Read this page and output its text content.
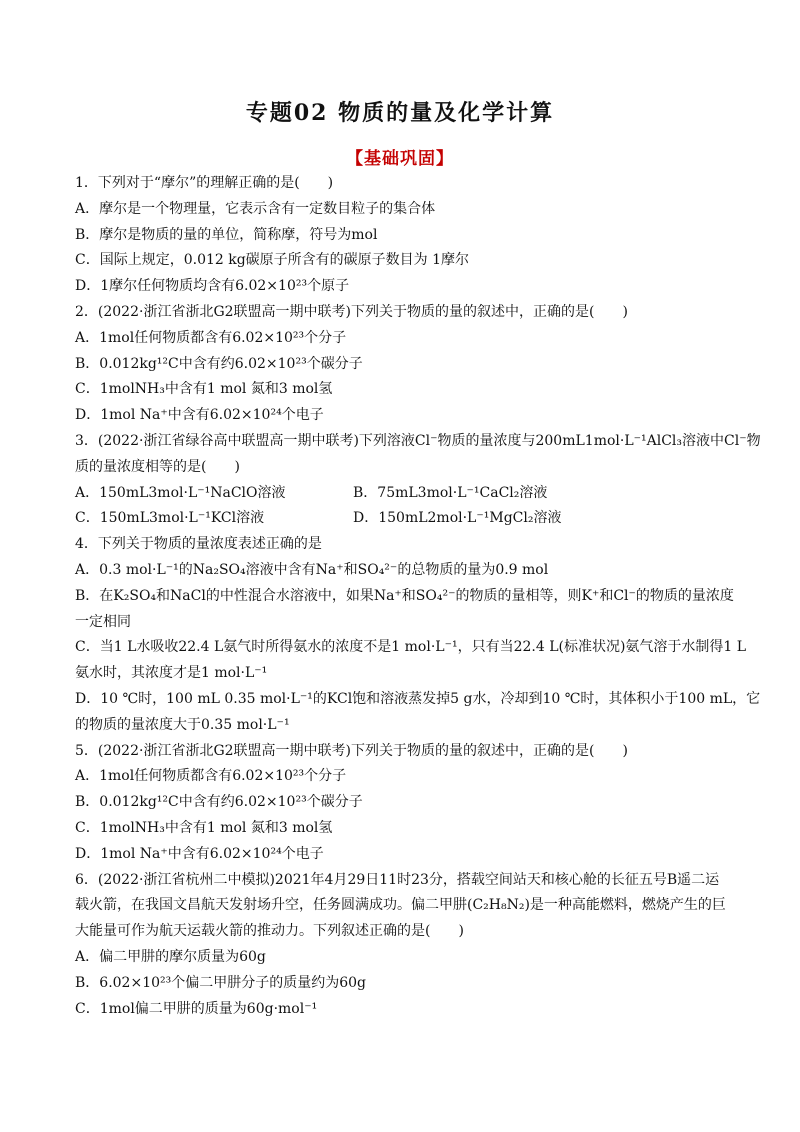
专题02 物质的量及化学计算
【基础巩固】
1．下列对于“摩尔”的理解正确的是(　　)
A．摩尔是一个物理量，它表示含有一定数目粒子的集合体
B．摩尔是物质的量的单位，简称摩，符号为mol
C．国际上规定，0.012 kg碳原子所含有的碳原子数目为 1摩尔
D．1摩尔任何物质均含有6.02×10²³个原子
2．(2022·浙江省浙北G2联盟高一期中联考)下列关于物质的量的叙述中，正确的是(　　)
A．1mol任何物质都含有6.02×10²³个分子
B．0.012kg¹²C中含有约6.02×10²³个碳分子
C．1molNH₃中含有1 mol 氮和3 mol氢
D．1mol Na⁺中含有6.02×10²⁴个电子
3．(2022·浙江省绿谷高中联盟高一期中联考)下列溶液Cl⁻物质的量浓度与200mL1mol·L⁻¹AlCl₃溶液中Cl⁻物
质的量浓度相等的是(　　)
A．150mL3mol·L⁻¹NaClO溶液	B．75mL3mol·L⁻¹CaCl₂溶液
C．150mL3mol·L⁻¹KCl溶液	D．150mL2mol·L⁻¹MgCl₂溶液
4．下列关于物质的量浓度表述正确的是
A．0.3 mol·L⁻¹的Na₂SO₄溶液中含有Na⁺和SO₄²⁻的总物质的量为0.9 mol
B．在K₂SO₄和NaCl的中性混合水溶液中，如果Na⁺和SO₄²⁻的物质的量相等，则K⁺和Cl⁻的物质的量浓度
一定相同
C．当1 L水吸收22.4 L氨气时所得氨水的浓度不是1 mol·L⁻¹，只有当22.4 L(标准状况)氨气溶于水制得1 L
氨水时，其浓度才是1 mol·L⁻¹
D．10 ℃时，100 mL 0.35 mol·L⁻¹的KCl饱和溶液蒸发掉5 g水，冷却到10 ℃时，其体积小于100 mL，它
的物质的量浓度大于0.35 mol·L⁻¹
5．(2022·浙江省浙北G2联盟高一期中联考)下列关于物质的量的叙述中，正确的是(　　)
A．1mol任何物质都含有6.02×10²³个分子
B．0.012kg¹²C中含有约6.02×10²³个碳分子
C．1molNH₃中含有1 mol 氮和3 mol氢
D．1mol Na⁺中含有6.02×10²⁴个电子
6．(2022·浙江省杭州二中模拟)2021年4月29日11时23分，搭载空间站天和核心舱的长征五号B遥二运
载火箭，在我国文昌航天发射场升空，任务圆满成功。偏二甲肼(C₂H₈N₂)是一种高能燃料，燃烧产生的巨
大能量可作为航天运载火箭的推动力。下列叙述正确的是(　　)
A．偏二甲肼的摩尔质量为60g
B．6.02×10²³个偏二甲肼分子的质量约为60g
C．1mol偏二甲肼的质量为60g·mol⁻¹
